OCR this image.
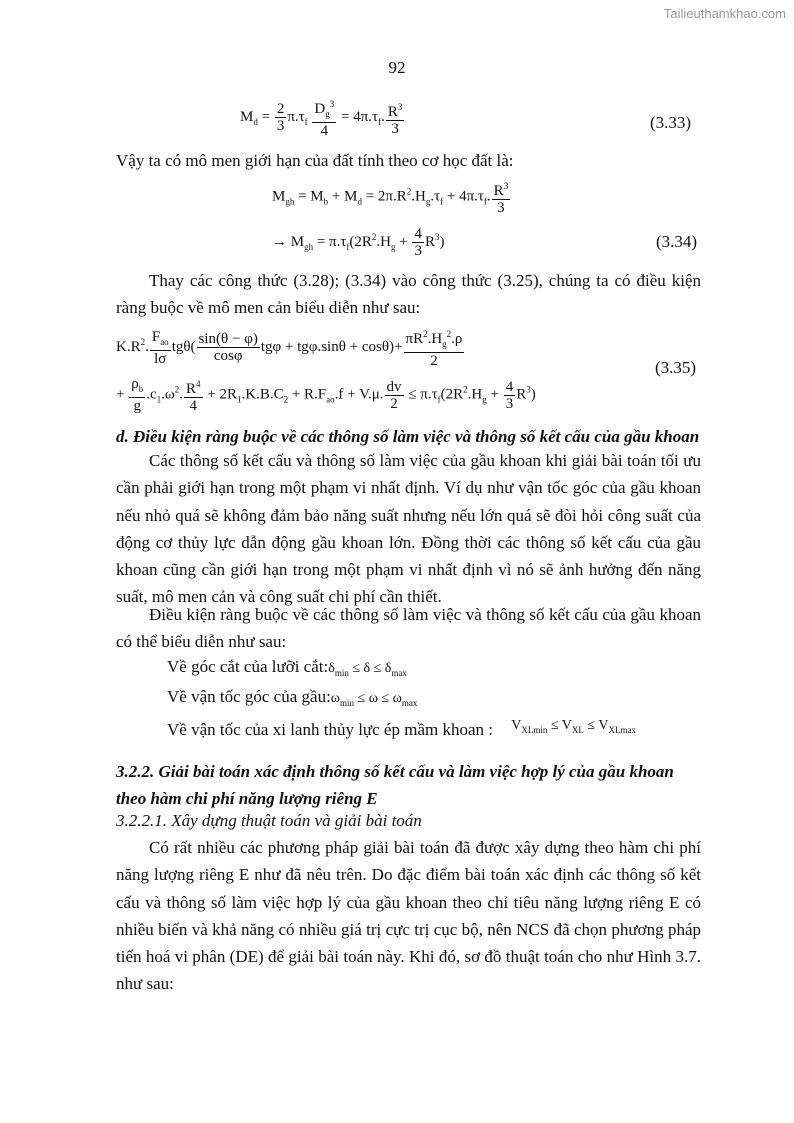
Tailieuthamkhao.com
92
$M_d = \frac{2}{3} \pi.\tau_f \frac{D_g^3}{4} = 4\pi.\tau_f$. $\frac{R^3}{3}$	(3.33)
Vậy ta có mô men giới hạn của đất tính theo cơ học đất là:
$M_{gh} = M_b + M_d = 2\pi.R^2.H_g.\tau_f + 4\pi.\tau_f$. $\frac{R^3}{3}$
→ $M_{gh} = \pi.\tau_f(2R^2.H_g + \frac{4}{3} R^3)$	(3.34)
Thay các công thức (3.28); (3.34) vào công thức (3.25), chúng ta có điều kiện ràng buộc về mô men cản biểu diễn như sau:
$K.R^2$. $\frac{F_{ao}}{l\sigma} tg\theta( \frac{\sin(\theta - \varphi)}{\cos\varphi}$ $tg\varphi + tg\varphi.\sin\theta + \cos\theta)+ \frac{\pi R^2.H_g^2.\rho}{2}$	(3.35)
+ $\frac{\rho_b}{g} .c_1.\omega^2$. $\frac{R^4}{4} + 2R_1.K.B.C_2 + R.F_{ao}.f + V.\mu$. $\frac{dv}{2} \le \pi.\tau_f(2R^2.H_g + \frac{4}{3} R^3)$
d. Điều kiện ràng buộc về các thông số làm việc và thông số kết cấu của gầu khoan
Các thông số kết cấu và thông số làm việc của gầu khoan khi giải bài toán tối ưu cần phải giới hạn trong một phạm vi nhất định. Ví dụ như vận tốc góc của gầu khoan nếu nhỏ quá sẽ không đảm bảo năng suất nhưng nếu lớn quá sẽ đòi hỏi công suất của động cơ thủy lực dẫn động gầu khoan lớn. Đồng thời các thông số kết cấu của gầu khoan cũng cần giới hạn trong một phạm vi nhất định vì nó sẽ ảnh hưởng đến năng suất, mô men cản và công suất chi phí cần thiết.
Điều kiện ràng buộc về các thông số làm việc và thông số kết cấu của gầu khoan có thể biểu diễn như sau:
Về góc cắt của lưỡi $cắt:\delta_{min} \le \delta \le \delta_{max}$
Về vận tốc góc của $gầu:\omega_{min} \le \omega \le \omega_{max}$
Về vận tốc của xi lanh thủy lực ép mầm khoan : $^{V_{XLmin} \le V_{XL} \le V_{XLmax}}$
3.2.2. Giải bài toán xác định thông số kết cấu và làm việc hợp lý của gầu khoan theo hàm chi phí năng lượng riêng E
3.2.2.1. Xây dựng thuật toán và giải bài toán
Có rất nhiều các phương pháp giải bài toán đã được xây dựng theo hàm chi phí năng lượng riêng E như đã nêu trên. Do đặc điểm bài toán xác định các thông số kết cấu và thông số làm việc hợp lý của gầu khoan theo chỉ tiêu năng lượng riêng E có nhiều biến và khả năng có nhiều giá trị cực trị cục bộ, nên NCS đã chọn phương pháp tiến hoá vi phân (DE) để giải bài toán này. Khi đó, sơ đồ thuật toán cho như Hình 3.7. như sau:
